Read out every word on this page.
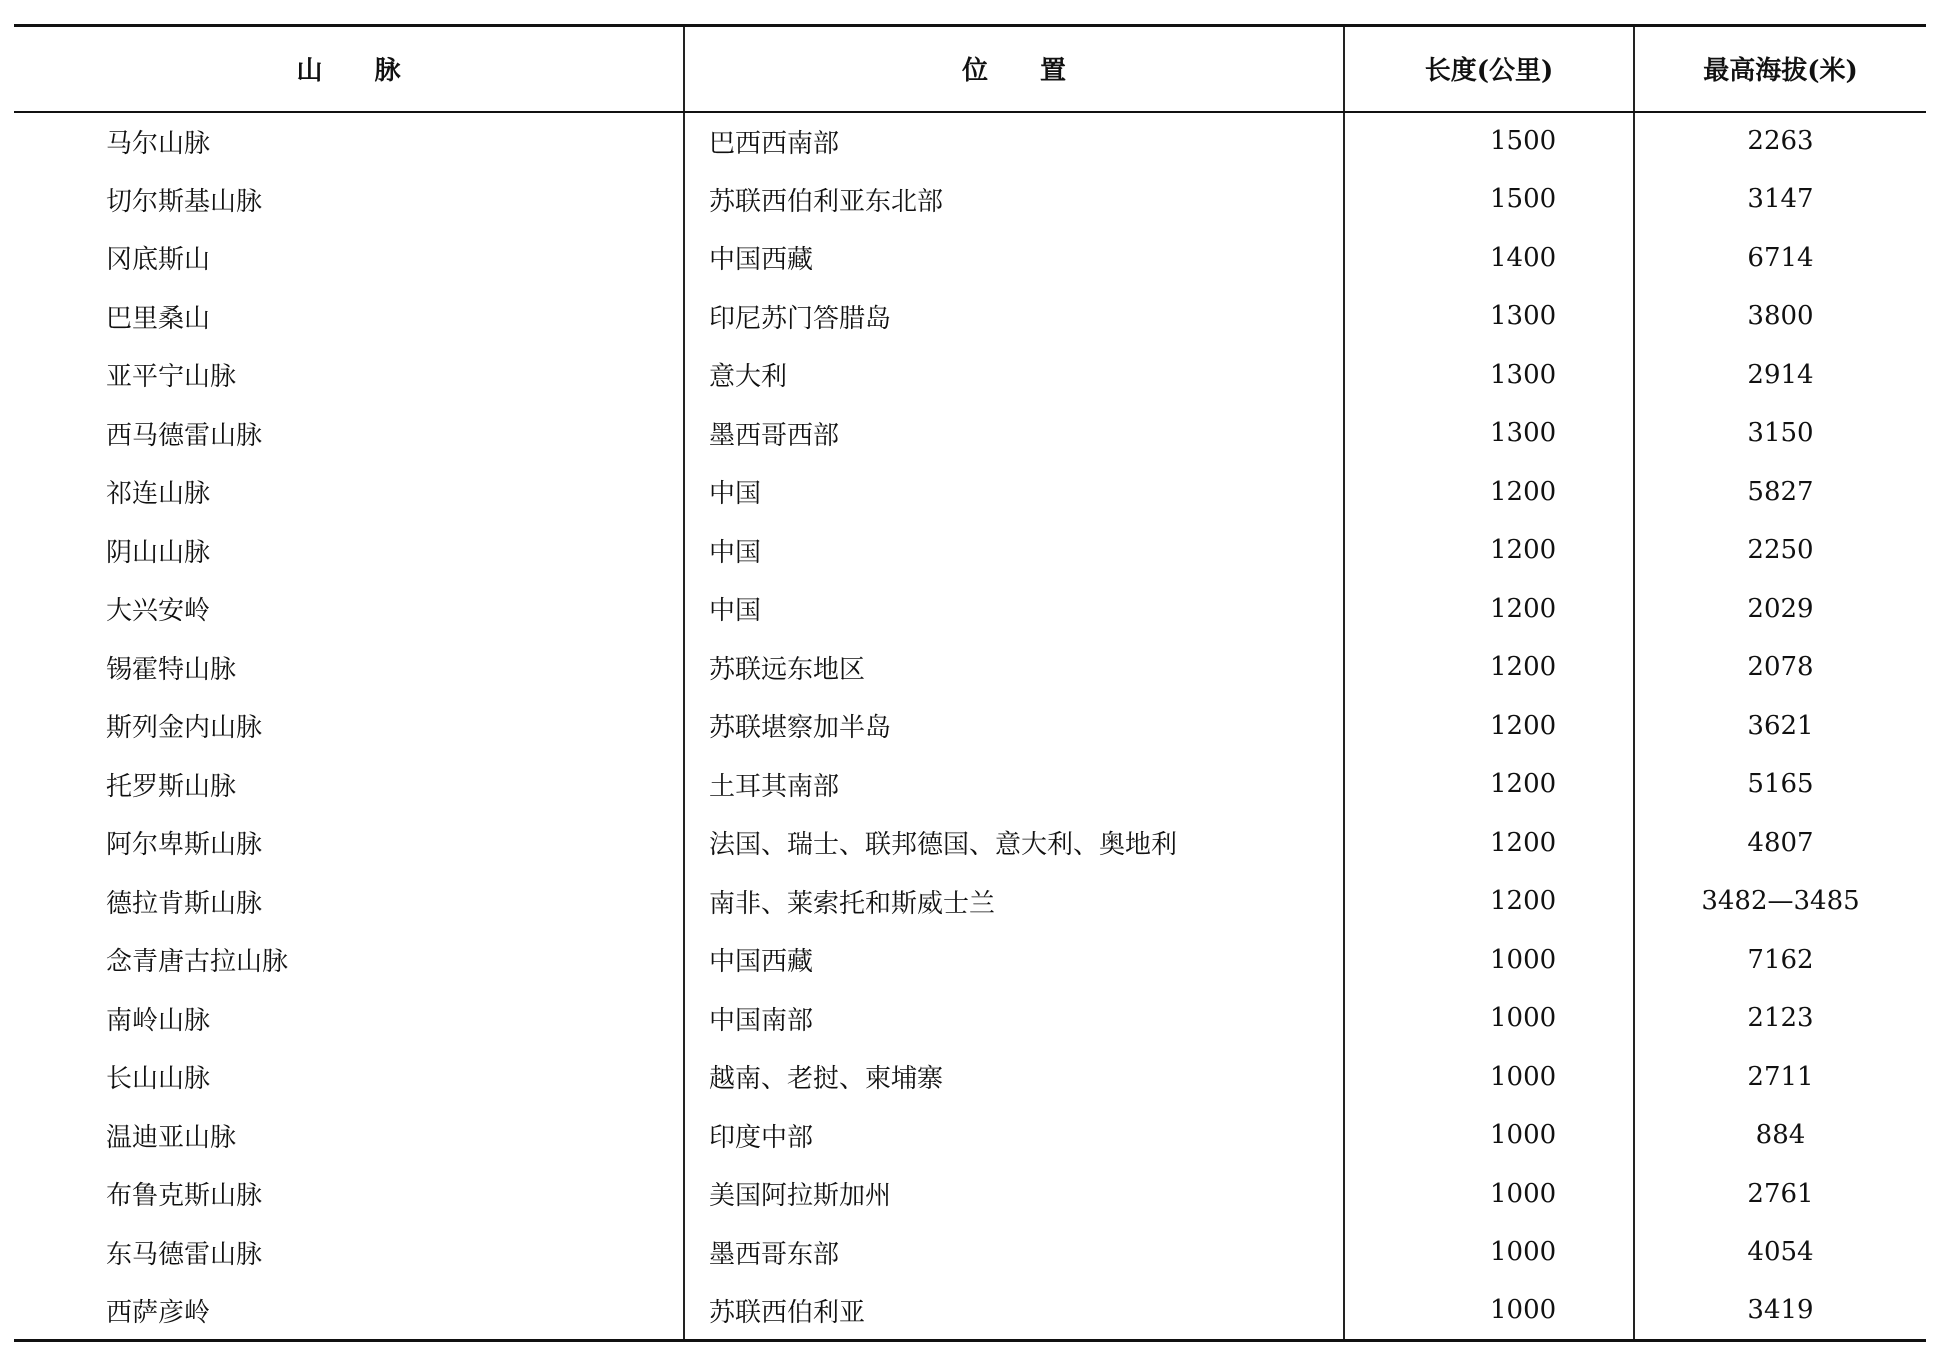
山　　脉	位　　置	长度(公里)	最高海拔(米)
马尔山脉	巴西西南部	1500	2263
切尔斯基山脉	苏联西伯利亚东北部	1500	3147
冈底斯山	中国西藏	1400	6714
巴里桑山	印尼苏门答腊岛	1300	3800
亚平宁山脉	意大利	1300	2914
西马德雷山脉	墨西哥西部	1300	3150
祁连山脉	中国	1200	5827
阴山山脉	中国	1200	2250
大兴安岭	中国	1200	2029
锡霍特山脉	苏联远东地区	1200	2078
斯列金内山脉	苏联堪察加半岛	1200	3621
托罗斯山脉	土耳其南部	1200	5165
阿尔卑斯山脉	法国、瑞士、联邦德国、意大利、奥地利	1200	4807
德拉肯斯山脉	南非、莱索托和斯威士兰	1200	3482—3485
念青唐古拉山脉	中国西藏	1000	7162
南岭山脉	中国南部	1000	2123
长山山脉	越南、老挝、柬埔寨	1000	2711
温迪亚山脉	印度中部	1000	884
布鲁克斯山脉	美国阿拉斯加州	1000	2761
东马德雷山脉	墨西哥东部	1000	4054
西萨彦岭	苏联西伯利亚	1000	3419
